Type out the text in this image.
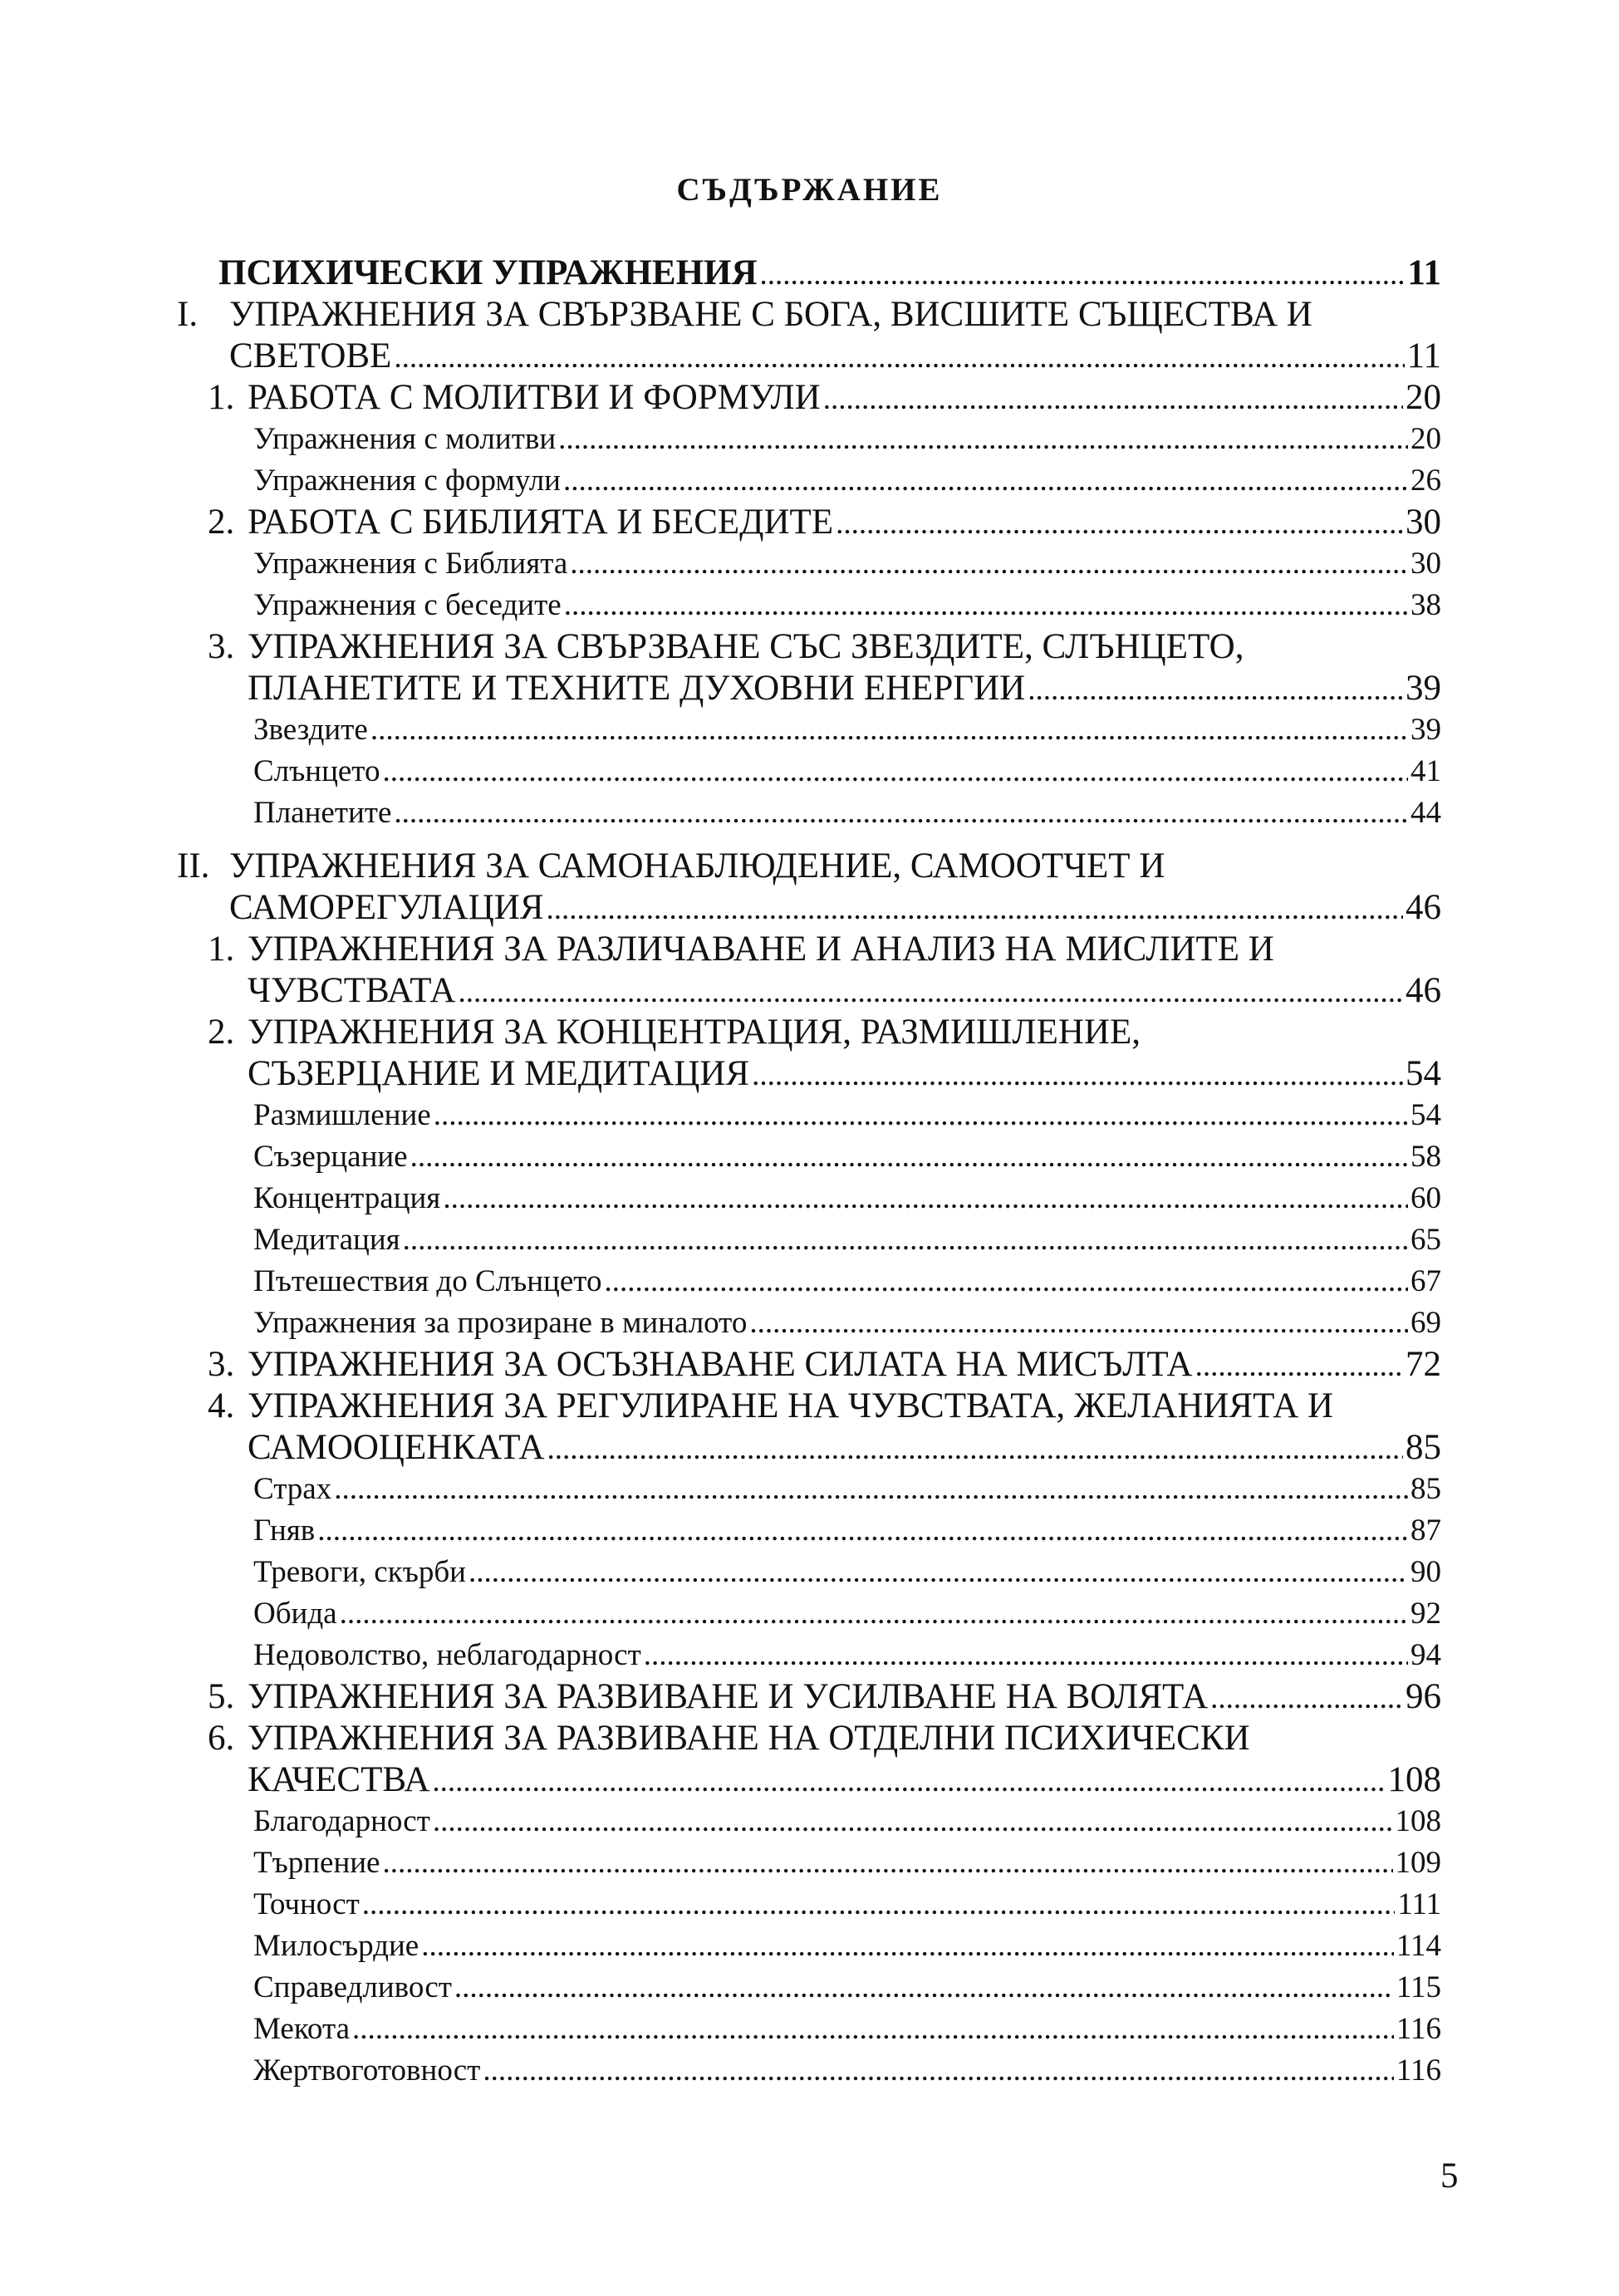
СЪДЪРЖАНИЕ
ПСИХИЧЕСКИ УПРАЖНЕНИЯ .....	11
I. УПРАЖНЕНИЯ ЗА СВЪРЗВАНЕ С БОГА, ВИСШИТЕ СЪЩЕСТВА И
СВЕТОВЕ .....	11
1. РАБОТА С МОЛИТВИ И ФОРМУЛИ .....	20
Упражнения с молитви .....	20
Упражнения с формули .....	26
2. РАБОТА С БИБЛИЯТА И БЕСЕДИТЕ .....	30
Упражнения с Библията .....	30
Упражнения с беседите .....	38
3. УПРАЖНЕНИЯ ЗА СВЪРЗВАНЕ СЪС ЗВЕЗДИТЕ, СЛЪНЦЕТО,
ПЛАНЕТИТЕ И ТЕХНИТЕ ДУХОВНИ ЕНЕРГИИ .....	39
Звездите .....	39
Слънцето .....	41
Планетите .....	44
II. УПРАЖНЕНИЯ ЗА САМОНАБЛЮДЕНИЕ, САМООТЧЕТ И
САМОРЕГУЛАЦИЯ .....	46
1. УПРАЖНЕНИЯ ЗА РАЗЛИЧАВАНЕ И АНАЛИЗ НА МИСЛИТЕ И
ЧУВСТВАТА .....	46
2. УПРАЖНЕНИЯ ЗА КОНЦЕНТРАЦИЯ, РАЗМИШЛЕНИЕ,
СЪЗЕРЦАНИЕ И МЕДИТАЦИЯ .....	54
Размишление .....	54
Съзерцание .....	58
Концентрация .....	60
Медитация .....	65
Пътешествия до Слънцето .....	67
Упражнения за прозиране в миналото .....	69
3. УПРАЖНЕНИЯ ЗА ОСЪЗНАВАНЕ СИЛАТА НА МИСЪЛТА .....	72
4. УПРАЖНЕНИЯ ЗА РЕГУЛИРАНЕ НА ЧУВСТВАТА, ЖЕЛАНИЯТА И
САМООЦЕНКАТА .....	85
Страх .....	85
Гняв .....	87
Тревоги, скърби .....	90
Обида .....	92
Недоволство, неблагодарност .....	94
5. УПРАЖНЕНИЯ ЗА РАЗВИВАНЕ И УСИЛВАНЕ НА ВОЛЯТА .....	96
6. УПРАЖНЕНИЯ ЗА РАЗВИВАНЕ НА ОТДЕЛНИ ПСИХИЧЕСКИ
КАЧЕСТВА .....	108
Благодарност .....	108
Търпение .....	109
Точност .....	111
Милосърдие .....	114
Справедливост .....	115
Мекота .....	116
Жертвоготовност .....	116
5
